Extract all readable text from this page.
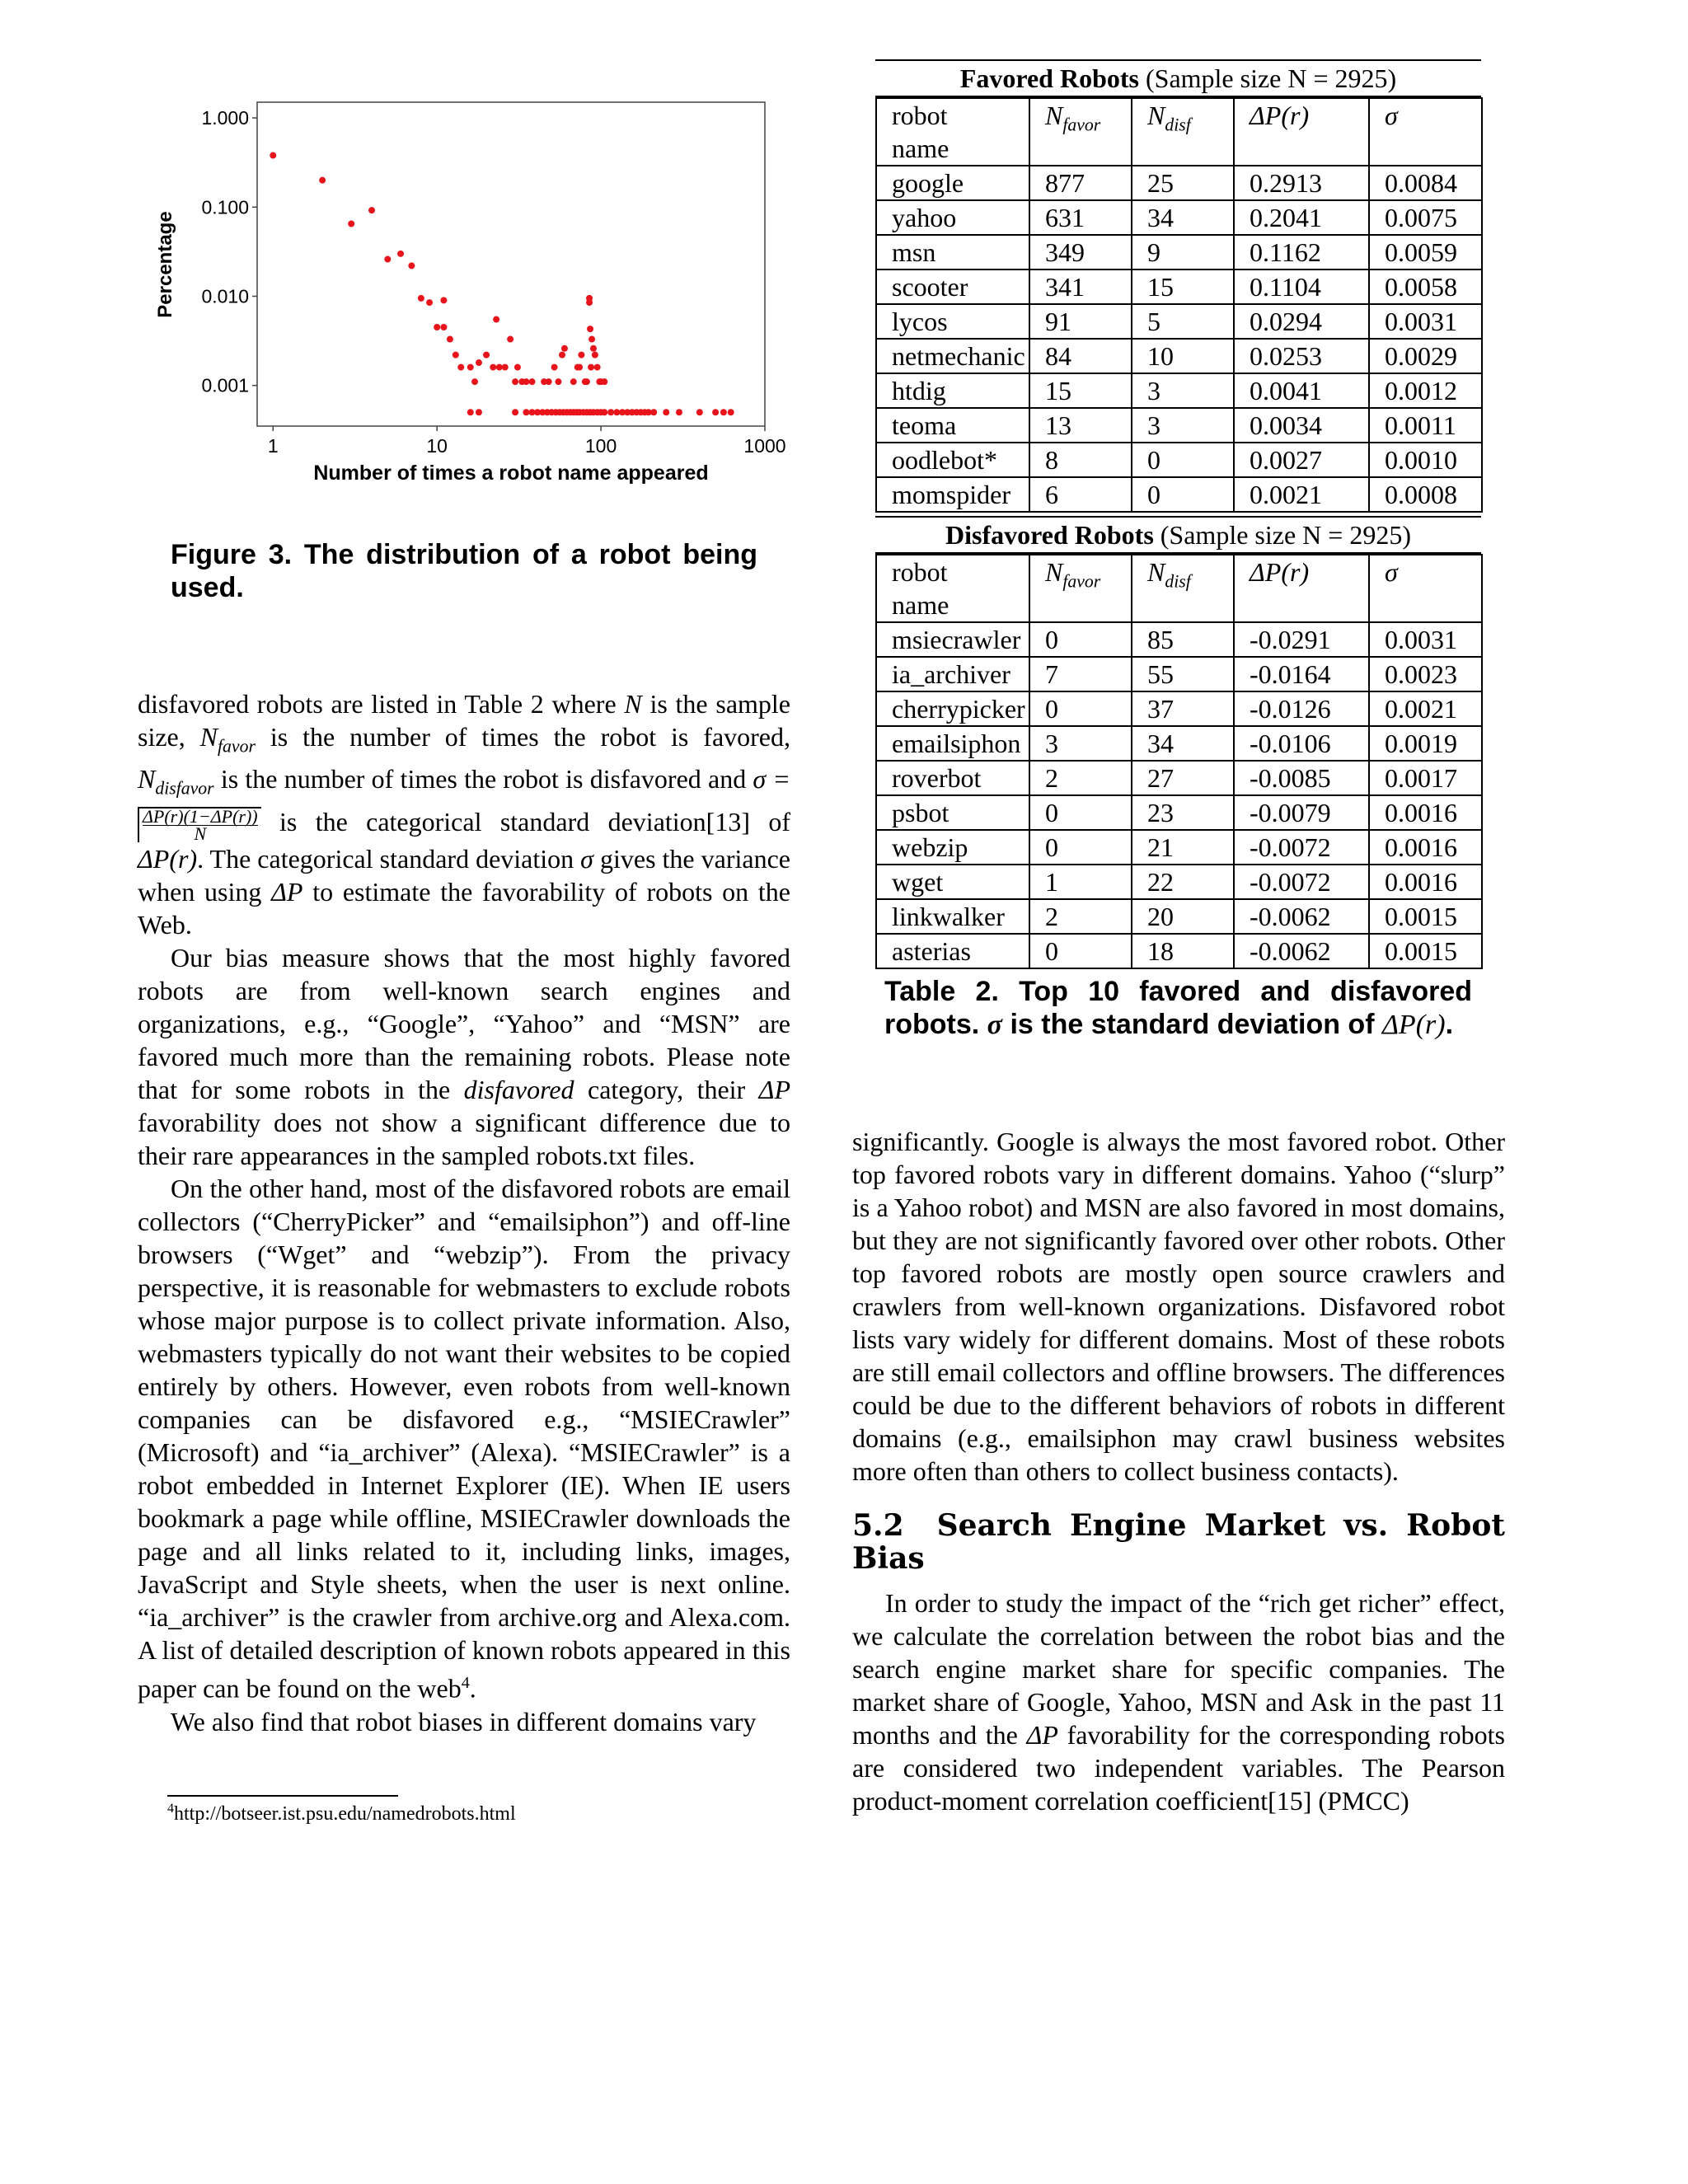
1.000
0.100
0.010
0.001
1	10	100	1000
Percentage
Number of times a robot name appeared

Figure 3. The distribution of a robot being used.

disfavored robots are listed in Table 2 where N is the sample size, $N_{favor}$ is the number of times the robot is favored, $N_{disfavor}$ is the number of times the robot is disfavored and σ =
$\frac{\Delta P(r)(1-\Delta P(r))}{N}$ is the categorical standard deviation[13] of ΔP(r). The categorical standard deviation σ gives the variance when using ΔP to estimate the favorability of robots on the Web.

Our bias measure shows that the most highly favored robots are from well-known search engines and organizations, e.g., “Google”, “Yahoo” and “MSN” are favored much more than the remaining robots. Please note that for some robots in the disfavored category, their ΔP favorability does not show a significant difference due to their rare appearances in the sampled robots.txt files.

On the other hand, most of the disfavored robots are email collectors (“CherryPicker” and “emailsiphon”) and off-line browsers (“Wget” and “webzip”). From the privacy perspective, it is reasonable for webmasters to exclude robots whose major purpose is to collect private information. Also, webmasters typically do not want their websites to be copied entirely by others. However, even robots from well-known companies can be disfavored e.g., “MSIECrawler” (Microsoft) and “ia_archiver” (Alexa). “MSIECrawler” is a robot embedded in Internet Explorer (IE). When IE users bookmark a page while offline, MSIECrawler downloads the page and all links related to it, including links, images, JavaScript and Style sheets, when the user is next online. “ia_archiver” is the crawler from archive.org and Alexa.com. A list of detailed description of known robots appeared in this paper can be found on the web$^4$.

We also find that robot biases in different domains vary

$^4$http://botseer.ist.psu.edu/namedrobots.html
Favored Robots (Sample size N = 2925)
robot
name	$N_{favor}$	$N_{disf}$	ΔP(r)	σ
google	877	25	0.2913	0.0084
yahoo	631	34	0.2041	0.0075
msn	349	9	0.1162	0.0059
scooter	341	15	0.1104	0.0058
lycos	91	5	0.0294	0.0031
netmechanic	84	10	0.0253	0.0029
htdig	15	3	0.0041	0.0012
teoma	13	3	0.0034	0.0011
oodlebot*	8	0	0.0027	0.0010
momspider	6	0	0.0021	0.0008
Disfavored Robots (Sample size N = 2925)
robot
name	$N_{favor}$	$N_{disf}$	ΔP(r)	σ
msiecrawler	0	85	-0.0291	0.0031
ia_archiver	7	55	-0.0164	0.0023
cherrypicker	0	37	-0.0126	0.0021
emailsiphon	3	34	-0.0106	0.0019
roverbot	2	27	-0.0085	0.0017
psbot	0	23	-0.0079	0.0016
webzip	0	21	-0.0072	0.0016
wget	1	22	-0.0072	0.0016
linkwalker	2	20	-0.0062	0.0015
asterias	0	18	-0.0062	0.0015

Table 2. Top 10 favored and disfavored robots. σ is the standard deviation of ΔP(r).

significantly. Google is always the most favored robot. Other top favored robots vary in different domains. Yahoo (“slurp” is a Yahoo robot) and MSN are also favored in most domains, but they are not significantly favored over other robots. Other top favored robots are mostly open source crawlers and crawlers from well-known organizations. Disfavored robot lists vary widely for different domains. Most of these robots are still email collectors and offline browsers. The differences could be due to the different behaviors of robots in different domains (e.g., emailsiphon may crawl business websites more often than others to collect business contacts).

5.2 Search Engine Market vs. Robot Bias

In order to study the impact of the “rich get richer” effect, we calculate the correlation between the robot bias and the search engine market share for specific companies. The market share of Google, Yahoo, MSN and Ask in the past 11 months and the ΔP favorability for the corresponding robots are considered two independent variables. The Pearson product-moment correlation coefficient[15] (PMCC)
